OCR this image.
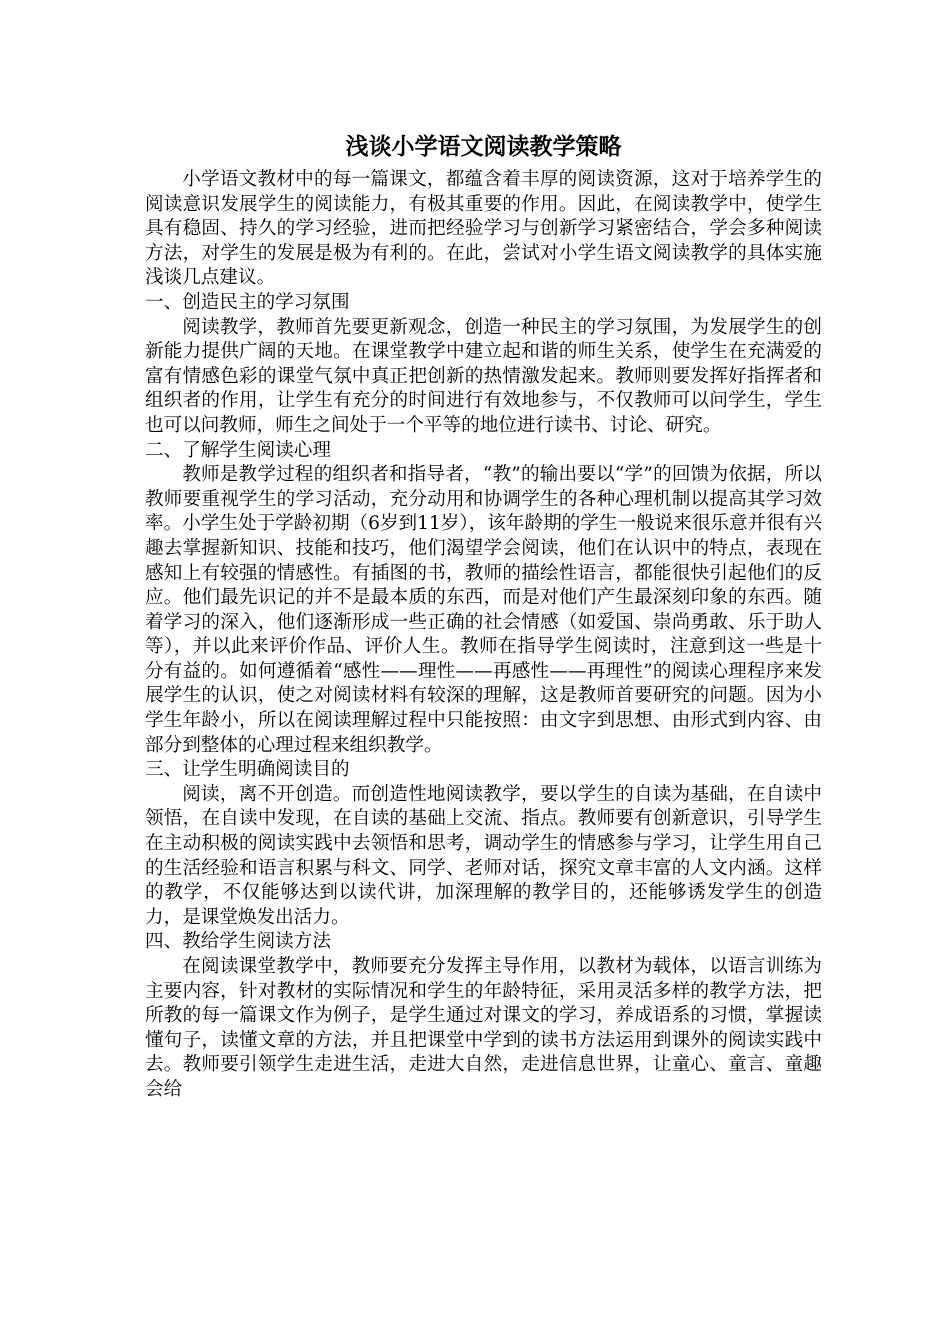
浅谈小学语文阅读教学策略

小学语文教材中的每一篇课文，都蕴含着丰厚的阅读资源，这对于培养学生的阅读意识发展学生的阅读能力，有极其重要的作用。因此，在阅读教学中，使学生具有稳固、持久的学习经验，进而把经验学习与创新学习紧密结合，学会多种阅读方法，对学生的发展是极为有利的。在此，尝试对小学生语文阅读教学的具体实施浅谈几点建议。

一、创造民主的学习氛围

阅读教学，教师首先要更新观念，创造一种民主的学习氛围，为发展学生的创新能力提供广阔的天地。在课堂教学中建立起和谐的师生关系，使学生在充满爱的富有情感色彩的课堂气氛中真正把创新的热情激发起来。教师则要发挥好指挥者和组织者的作用，让学生有充分的时间进行有效地参与，不仅教师可以问学生，学生也可以问教师，师生之间处于一个平等的地位进行读书、讨论、研究。

二、了解学生阅读心理

教师是教学过程的组织者和指导者，“教”的输出要以“学”的回馈为依据，所以教师要重视学生的学习活动，充分动用和协调学生的各种心理机制以提高其学习效率。小学生处于学龄初期（6岁到11岁），该年龄期的学生一般说来很乐意并很有兴趣去掌握新知识、技能和技巧，他们渴望学会阅读，他们在认识中的特点，表现在感知上有较强的情感性。有插图的书，教师的描绘性语言，都能很快引起他们的反应。他们最先识记的并不是最本质的东西，而是对他们产生最深刻印象的东西。随着学习的深入，他们逐渐形成一些正确的社会情感（如爱国、崇尚勇敢、乐于助人等），并以此来评价作品、评价人生。教师在指导学生阅读时，注意到这一些是十分有益的。如何遵循着“感性——理性——再感性——再理性”的阅读心理程序来发展学生的认识，使之对阅读材料有较深的理解，这是教师首要研究的问题。因为小学生年龄小，所以在阅读理解过程中只能按照：由文字到思想、由形式到内容、由部分到整体的心理过程来组织教学。

三、让学生明确阅读目的

阅读，离不开创造。而创造性地阅读教学，要以学生的自读为基础，在自读中领悟，在自读中发现，在自读的基础上交流、指点。教师要有创新意识，引导学生在主动积极的阅读实践中去领悟和思考，调动学生的情感参与学习，让学生用自己的生活经验和语言积累与科文、同学、老师对话，探究文章丰富的人文内涵。这样的教学，不仅能够达到以读代讲，加深理解的教学目的，还能够诱发学生的创造力，是课堂焕发出活力。

四、教给学生阅读方法

在阅读课堂教学中，教师要充分发挥主导作用，以教材为载体，以语言训练为主要内容，针对教材的实际情况和学生的年龄特征，采用灵活多样的教学方法，把所教的每一篇课文作为例子，是学生通过对课文的学习，养成语系的习惯，掌握读懂句子，读懂文章的方法，并且把课堂中学到的读书方法运用到课外的阅读实践中去。教师要引领学生走进生活，走进大自然，走进信息世界，让童心、童言、童趣会给
